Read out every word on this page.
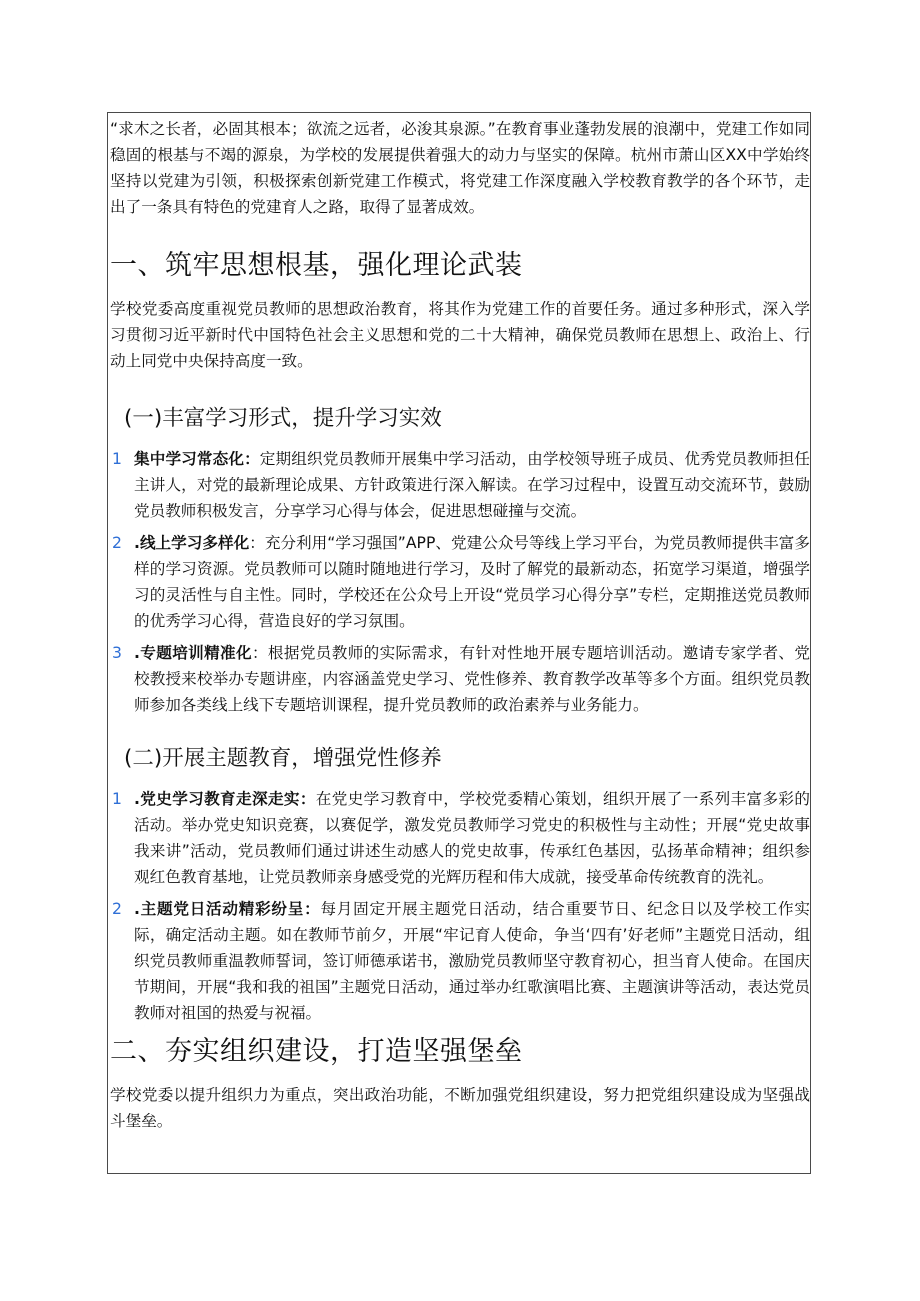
“求木之长者，必固其根本；欲流之远者，必浚其泉源。”在教育事业蓬勃发展的浪潮中，党建工作如同稳固的根基与不竭的源泉，为学校的发展提供着强大的动力与坚实的保障。杭州市萧山区XX中学始终坚持以党建为引领，积极探索创新党建工作模式，将党建工作深度融入学校教育教学的各个环节，走出了一条具有特色的党建育人之路，取得了显著成效。

一、筑牢思想根基，强化理论武装

学校党委高度重视党员教师的思想政治教育，将其作为党建工作的首要任务。通过多种形式，深入学习贯彻习近平新时代中国特色社会主义思想和党的二十大精神，确保党员教师在思想上、政治上、行动上同党中央保持高度一致。

(一)丰富学习形式，提升学习实效
1 集中学习常态化：定期组织党员教师开展集中学习活动，由学校领导班子成员、优秀党员教师担任主讲人，对党的最新理论成果、方针政策进行深入解读。在学习过程中，设置互动交流环节，鼓励党员教师积极发言，分享学习心得与体会，促进思想碰撞与交流。

2 .线上学习多样化：充分利用“学习强国”APP、党建公众号等线上学习平台，为党员教师提供丰富多样的学习资源。党员教师可以随时随地进行学习，及时了解党的最新动态，拓宽学习渠道，增强学习的灵活性与自主性。同时，学校还在公众号上开设“党员学习心得分享”专栏，定期推送党员教师的优秀学习心得，营造良好的学习氛围。

3 .专题培训精准化：根据党员教师的实际需求，有针对性地开展专题培训活动。邀请专家学者、党校教授来校举办专题讲座，内容涵盖党史学习、党性修养、教育教学改革等多个方面。组织党员教师参加各类线上线下专题培训课程，提升党员教师的政治素养与业务能力。

(二)开展主题教育，增强党性修养
1 .党史学习教育走深走实：在党史学习教育中，学校党委精心策划，组织开展了一系列丰富多彩的活动。举办党史知识竞赛，以赛促学，激发党员教师学习党史的积极性与主动性；开展“党史故事我来讲”活动，党员教师们通过讲述生动感人的党史故事，传承红色基因，弘扬革命精神；组织参观红色教育基地，让党员教师亲身感受党的光辉历程和伟大成就，接受革命传统教育的洗礼。

2 .主题党日活动精彩纷呈：每月固定开展主题党日活动，结合重要节日、纪念日以及学校工作实际，确定活动主题。如在教师节前夕，开展“牢记育人使命，争当‘四有’好老师”主题党日活动，组织党员教师重温教师誓词，签订师德承诺书，激励党员教师坚守教育初心，担当育人使命。在国庆节期间，开展“我和我的祖国”主题党日活动，通过举办红歌演唱比赛、主题演讲等活动，表达党员教师对祖国的热爱与祝福。

二、夯实组织建设，打造坚强堡垒

学校党委以提升组织力为重点，突出政治功能，不断加强党组织建设，努力把党组织建设成为坚强战斗堡垒。
